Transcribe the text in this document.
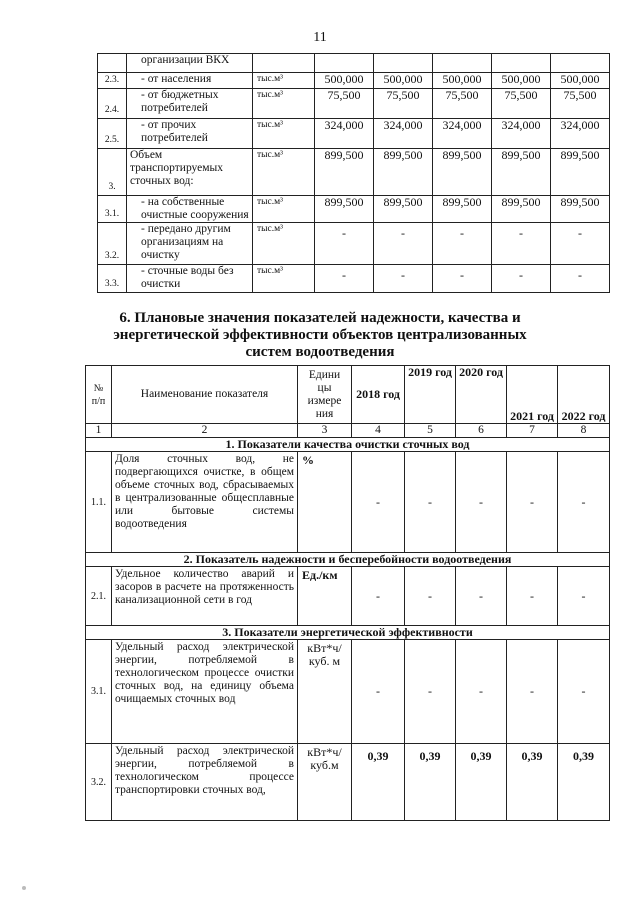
11
	организации ВКХ						
2.3.	- от населения	тыс.м³	500,000	500,000	500,000	500,000	500,000
2.4.	- от бюджетных потребителей	тыс.м³	75,500	75,500	75,500	75,500	75,500
2.5.	- от прочих потребителей	тыс.м³	324,000	324,000	324,000	324,000	324,000
3.	Объем транспортируемых сточных вод:	тыс.м³	899,500	899,500	899,500	899,500	899,500
3.1.	- на собственные очистные сооружения	тыс.м³	899,500	899,500	899,500	899,500	899,500
3.2.	- передано другим организациям на очистку	тыс.м³	-	-	-	-	-
3.3.	- сточные воды без очистки	тыс.м³	-	-	-	-	-
6. Плановые значения показателей надежности, качества и энергетической эффективности объектов централизованных систем водоотведения
№ п/п	Наименование показателя	Едини цы измере ния	2018 год	2019 год	2020 год	2021 год	2022 год
1	2	3	4	5	6	7	8
1. Показатели качества очистки сточных вод							
1.1.	Доля сточных вод, не подвергающихся очистке, в общем объеме сточных вод, сбрасываемых в централизованные общесплавные или бытовые системы водоотведения	%	-	-	-	-	-
2. Показатель надежности и бесперебойности водоотведения							
2.1.	Удельное количество аварий и засоров в расчете на протяженность канализационной сети в год	Ед./км	-	-	-	-	-
3. Показатели энергетической эффективности							
3.1.	Удельный расход электрической энергии, потребляемой в технологическом процессе очистки сточных вод, на единицу объема очищаемых сточных вод	кВт*ч/ куб. м	-	-	-	-	-
3.2.	Удельный расход электрической энергии, потребляемой в технологическом процессе транспортировки сточных вод,	кВт*ч/ куб.м	0,39	0,39	0,39	0,39	0,39
